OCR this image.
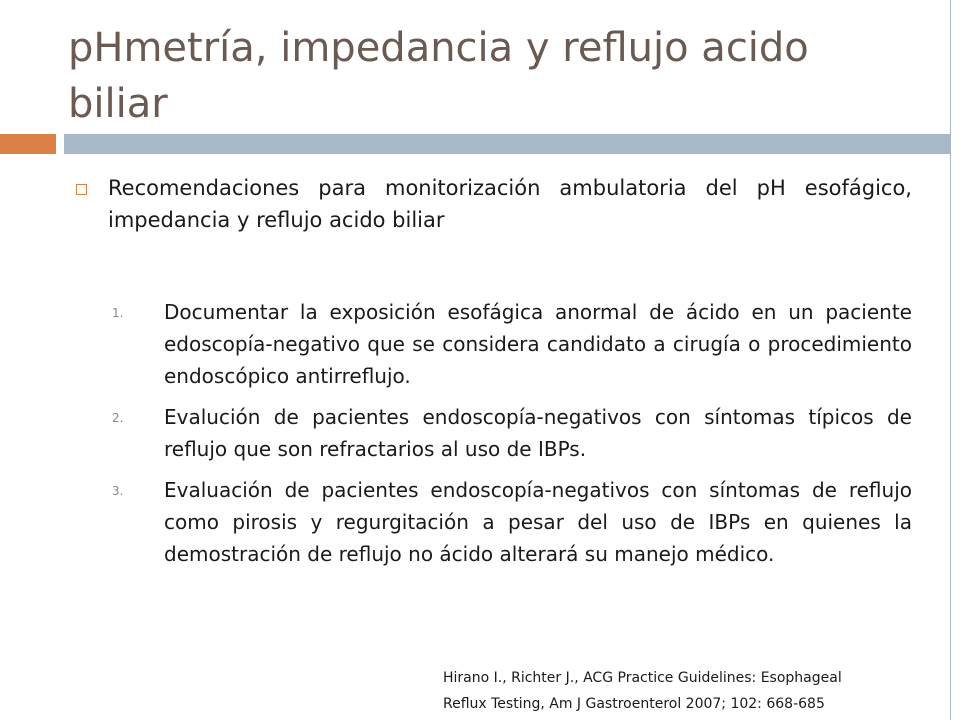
pHmetría, impedancia y reflujo acido biliar
Recomendaciones para monitorización ambulatoria del pH esofágico, impedancia y reflujo acido biliar
1.	Documentar la exposición esofágica anormal de ácido en un paciente edoscopía-negativo que se considera candidato a cirugía o procedimiento endoscópico antirreflujo.
2.	Evalución de pacientes endoscopía-negativos con síntomas típicos de reflujo que son refractarios al uso de IBPs.
3.	Evaluación de pacientes endoscopía-negativos con síntomas de reflujo como pirosis y regurgitación a pesar del uso de IBPs en quienes la demostración de reflujo no ácido alterará su manejo médico.
Hirano I., Richter J., ACG Practice Guidelines: Esophageal
Reflux Testing, Am J Gastroenterol 2007; 102: 668-685
